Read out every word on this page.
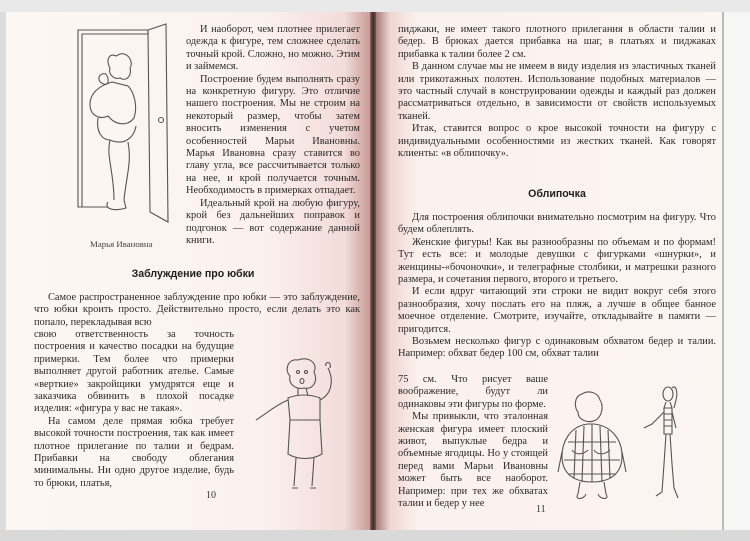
Марья Ивановна

И наоборот, чем плотнее прилегает одежда к фигуре, тем сложнее сделать точный крой. Сложно, но можно. Этим и займемся.

Построение будем выполнять сразу на конкретную фигуру. Это отличие нашего построения. Мы не строим на некоторый размер, чтобы затем вносить изменения с учетом особенностей Марьи Ивановны. Марья Ивановна сразу ставится во главу угла, все рассчитывается только на нее, и крой получается точным. Необходимость в примерках отпадает.

Идеальный крой на любую фигуру, крой без дальнейших поправок и подгонок — вот содержание данной книги.

Заблуждение про юбки

Самое распространенное заблуждение про юбки — это заблуждение, что юбки кроить просто. Действительно просто, если делать это как попало, перекладывая всю

свою ответственность за точность построения и качество посадки на будущие примерки. Тем более что примерки выполняет другой работник ателье. Самые «верткие» закройщики умудрятся еще и заказчика обвинить в плохой посадке изделия: «фигура у вас не такая».

На самом деле прямая юбка требует высокой точности построения, так как имеет плотное прилегание по талии и бедрам. Прибавки на свободу облегания минимальны. Ни одно другое изделие, будь то брюки, платья,

10

пиджаки, не имеет такого плотного прилегания в области талии и бедер. В брюках дается прибавка на шаг, в платьях и пиджаках прибавка к талии более 2 см.

В данном случае мы не имеем в виду изделия из эластичных тканей или трикотажных полотен. Использование подобных материалов — это частный случай в конструировании одежды и каждый раз должен рассматриваться отдельно, в зависимости от свойств используемых тканей.

Итак, ставится вопрос о крое высокой точности на фигуру с индивидуальными особенностями из жестких тканей. Как говорят клиенты: «в облипочку».

Облипочка

Для построения облипочки внимательно посмотрим на фигуру. Что будем облеплять.

Женские фигуры! Как вы разнообразны по объемам и по формам! Тут есть все: и молодые девушки с фигурками «шнурки», и женщины-«бочоночки», и телеграфные столбики, и матрешки разного размера, и сочетания первого, второго и третьего.

И если вдруг читающий эти строки не видит вокруг себя этого разнообразия, хочу послать его на пляж, а лучше в общее банное моечное отделение. Смотрите, изучайте, откладывайте в памяти — пригодится.

Возьмем несколько фигур с одинаковым обхватом бедер и талии. Например: обхват бедер 100 см, обхват талии

75 см. Что рисует ваше воображение, будут ли одинаковы эти фигуры по форме.

Мы привыкли, что эталонная женская фигура имеет плоский живот, выпуклые бедра и объемные ягодицы. Но у стоящей перед вами Марьи Ивановны может быть все наоборот. Например: при тех же обхватах талии и бедер у нее

11
